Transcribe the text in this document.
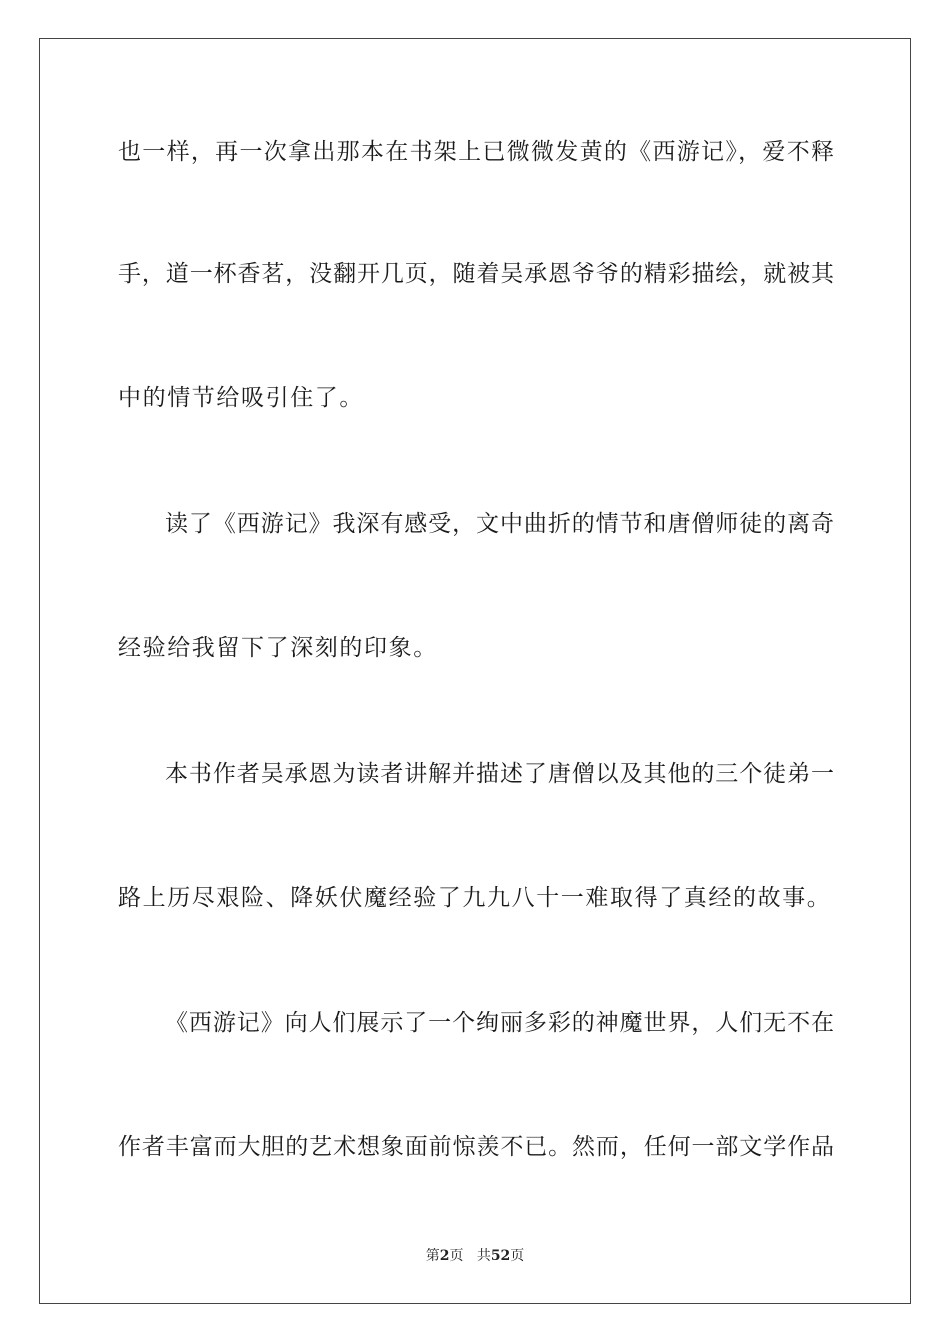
也一样，再一次拿出那本在书架上已微微发黄的《西游记》，爱不释
手，道一杯香茗，没翻开几页，随着吴承恩爷爷的精彩描绘，就被其
中的情节给吸引住了。
读了《西游记》我深有感受，文中曲折的情节和唐僧师徒的离奇
经验给我留下了深刻的印象。
本书作者吴承恩为读者讲解并描述了唐僧以及其他的三个徒弟一
路上历尽艰险、降妖伏魔经验了九九八十一难取得了真经的故事。
《西游记》向人们展示了一个绚丽多彩的神魔世界，人们无不在
作者丰富而大胆的艺术想象面前惊羡不已。然而，任何一部文学作品
第2页 共52页
